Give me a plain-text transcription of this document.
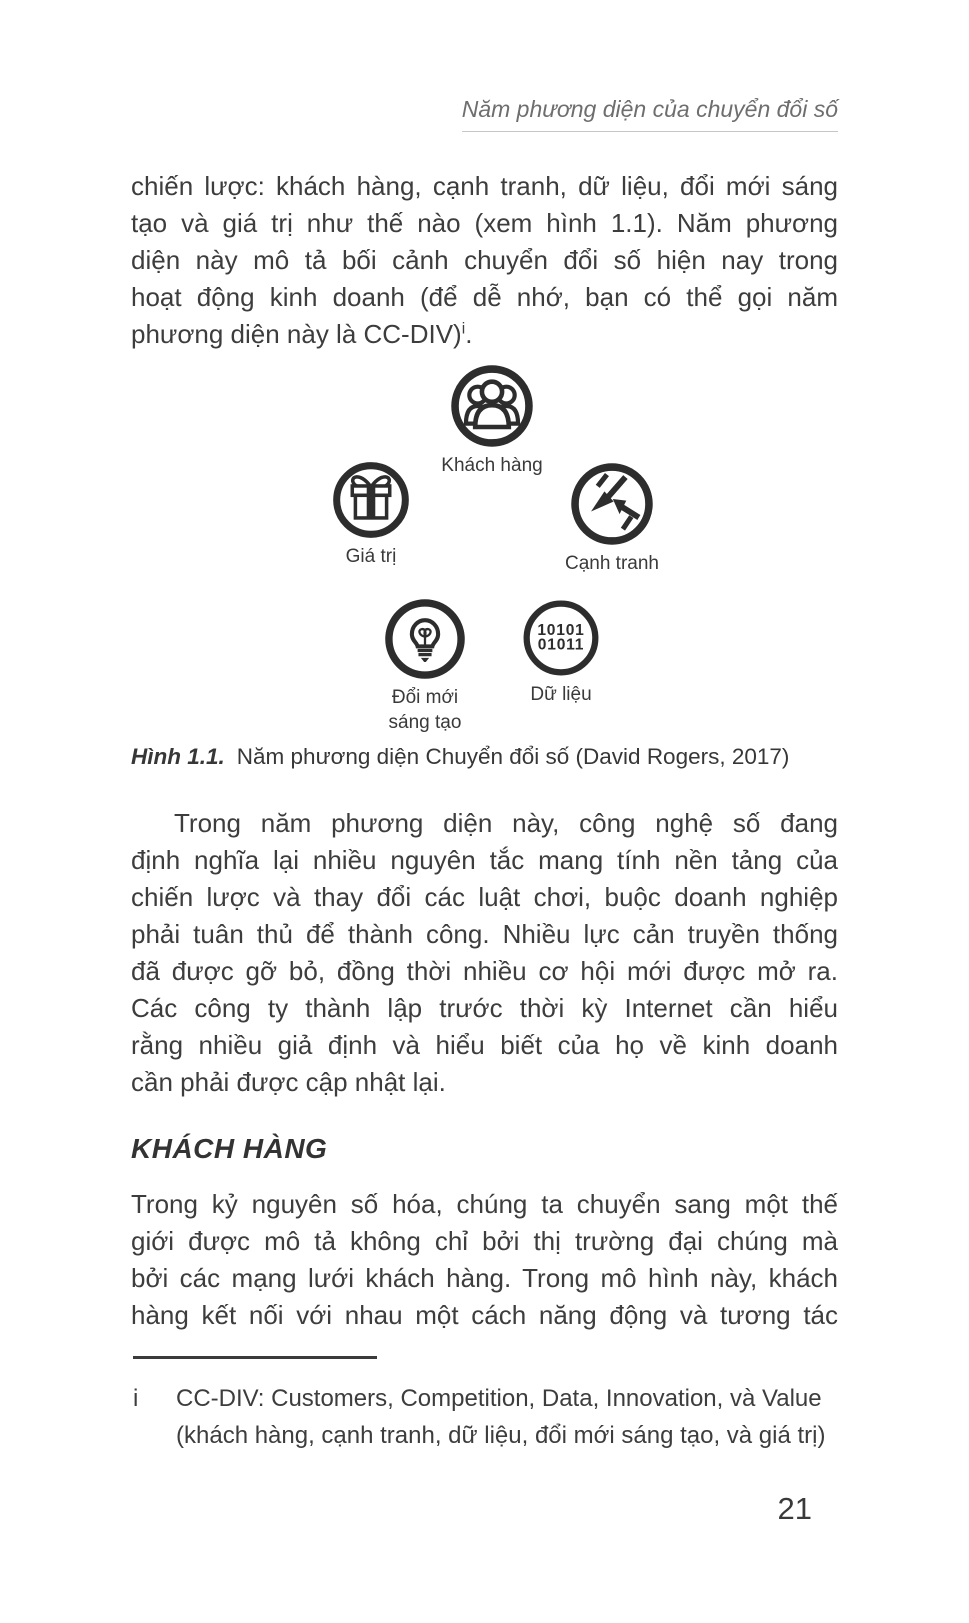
Năm phương diện của chuyển đổi số
chiến lược: khách hàng, cạnh tranh, dữ liệu, đổi mới sáng
tạo và giá trị như thế nào (xem hình 1.1). Năm phương
diện này mô tả bối cảnh chuyển đổi số hiện nay trong
hoạt động kinh doanh (để dễ nhớ, bạn có thể gọi năm
phương diện này là CC-DIV)$^i$.
Khách hàng
Giá trị	Cạnh tranh
Đổi mới
sáng tạo
10101
01011
Dữ liệu
Hình 1.1. Năm phương diện Chuyển đổi số (David Rogers, 2017)
Trong năm phương diện này, công nghệ số đang
định nghĩa lại nhiều nguyên tắc mang tính nền tảng của
chiến lược và thay đổi các luật chơi, buộc doanh nghiệp
phải tuân thủ để thành công. Nhiều lực cản truyền thống
đã được gỡ bỏ, đồng thời nhiều cơ hội mới được mở ra.
Các công ty thành lập trước thời kỳ Internet cần hiểu
rằng nhiều giả định và hiểu biết của họ về kinh doanh
cần phải được cập nhật lại.
KHÁCH HÀNG
Trong kỷ nguyên số hóa, chúng ta chuyển sang một thế
giới được mô tả không chỉ bởi thị trường đại chúng mà
bởi các mạng lưới khách hàng. Trong mô hình này, khách
hàng kết nối với nhau một cách năng động và tương tác
i	CC-DIV: Customers, Competition, Data, Innovation, và Value
(khách hàng, cạnh tranh, dữ liệu, đổi mới sáng tạo, và giá trị)
21
